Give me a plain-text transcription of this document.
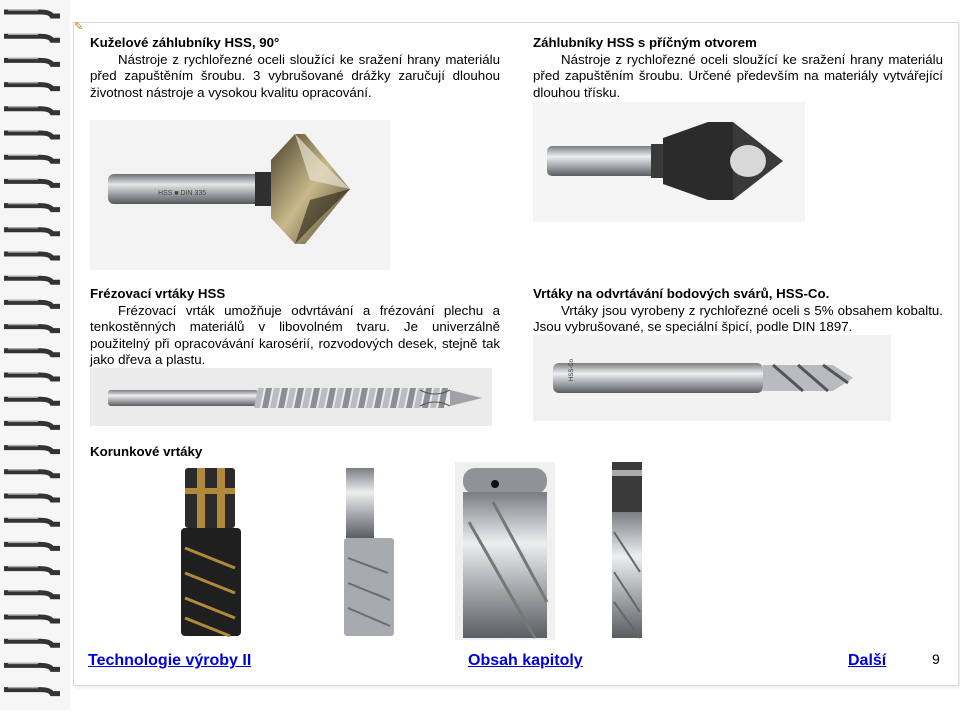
✎
Kuželové záhlubníky HSS, 90°

Nástroje z rychlořezné oceli sloužící ke sražení hrany materiálu před zapuštěním šroubu. 3 vybrušované drážky zaručují dlouhou životnost nástroje a vysokou kvalitu opracování.

HSS ■ DIN 335
Záhlubníky HSS s příčným otvorem

Nástroje z rychlořezné oceli sloužící ke sražení hrany materiálu před zapuštěním šroubu. Určené především na materiály vytvářející dlouhou třísku.

Frézovací vrtáky HSS

Frézovací vrták umožňuje odvrtávání a frézování plechu a tenkostěnných materiálů v libovolném tvaru. Je univerzálně použitelný při opracovávání karosérií, rozvodových desek, stejně tak jako dřeva a plastu.

Vrtáky na odvrtávání bodových svárů, HSS-Co.

Vrtáky jsou vyrobeny z rychlořezné oceli s 5% obsahem kobaltu. Jsou vybrušované, se speciální špicí, podle DIN 1897.

HSS-Co
Korunkové vrtáky
Technologie výroby II	Obsah kapitoly	Další	9
